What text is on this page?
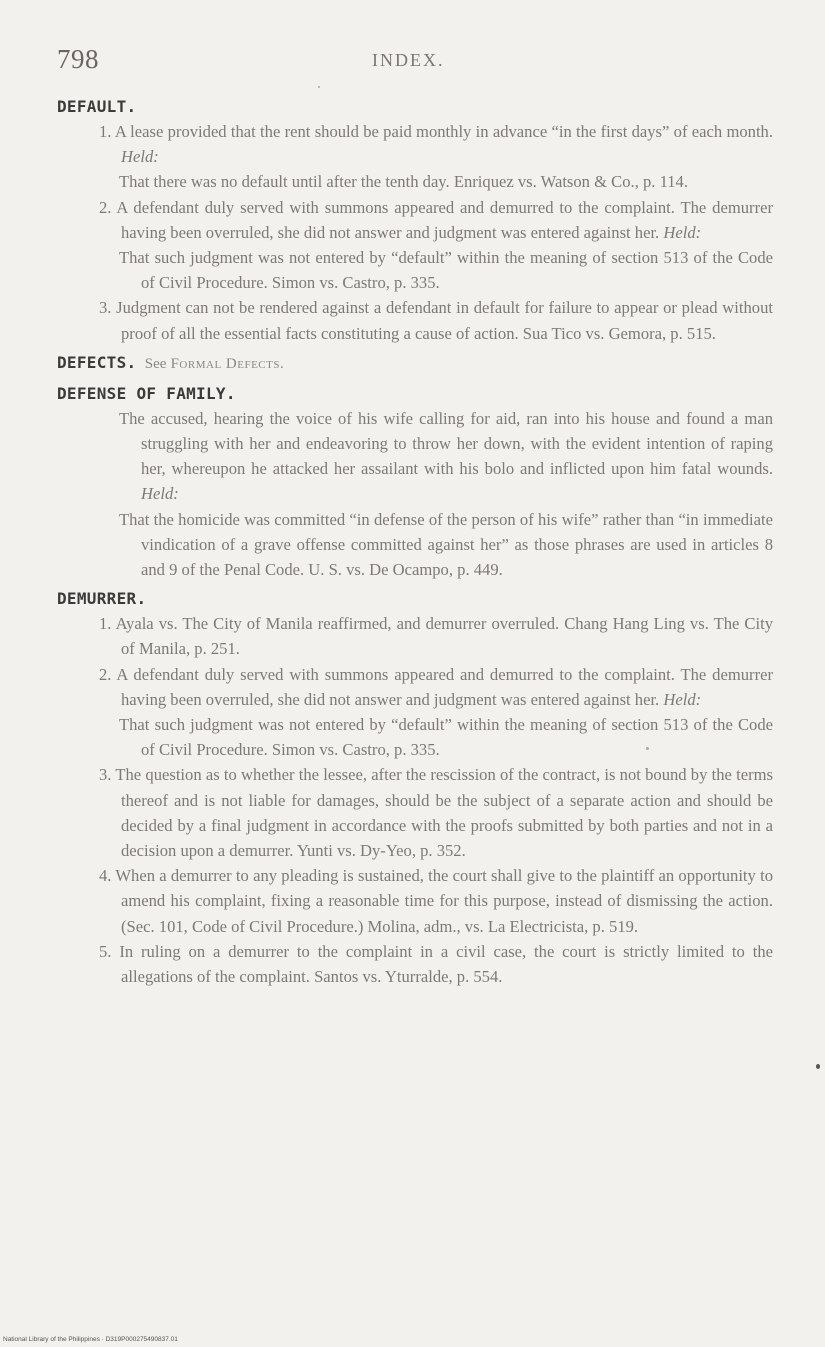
798	INDEX.

DEFAULT.

1. A lease provided that the rent should be paid monthly in advance “in the first days” of each month. Held:

That there was no default until after the tenth day. Enriquez vs. Watson & Co., p. 114.

2. A defendant duly served with summons appeared and demurred to the complaint. The demurrer having been overruled, she did not answer and judgment was entered against her. Held:

That such judgment was not entered by “default” within the meaning of section 513 of the Code of Civil Procedure. Simon vs. Castro, p. 335.

3. Judgment can not be rendered against a defendant in default for failure to appear or plead without proof of all the essential facts constituting a cause of action. Sua Tico vs. Gemora, p. 515.

DEFECTS. See Formal Defects.

DEFENSE OF FAMILY.

The accused, hearing the voice of his wife calling for aid, ran into his house and found a man struggling with her and endeavoring to throw her down, with the evident intention of raping her, whereupon he attacked her assailant with his bolo and inflicted upon him fatal wounds. Held:

That the homicide was committed “in defense of the person of his wife” rather than “in immediate vindication of a grave offense committed against her” as those phrases are used in articles 8 and 9 of the Penal Code. U. S. vs. De Ocampo, p. 449.

DEMURRER.

1. Ayala vs. The City of Manila reaffirmed, and demurrer overruled. Chang Hang Ling vs. The City of Manila, p. 251.

2. A defendant duly served with summons appeared and demurred to the complaint. The demurrer having been overruled, she did not answer and judgment was entered against her. Held:

That such judgment was not entered by “default” within the meaning of section 513 of the Code of Civil Procedure. Simon vs. Castro, p. 335.

3. The question as to whether the lessee, after the rescission of the contract, is not bound by the terms thereof and is not liable for damages, should be the subject of a separate action and should be decided by a final judgment in accordance with the proofs submitted by both parties and not in a decision upon a demurrer. Yunti vs. Dy-Yeo, p. 352.

4. When a demurrer to any pleading is sustained, the court shall give to the plaintiff an opportunity to amend his complaint, fixing a reasonable time for this purpose, instead of dismissing the action. (Sec. 101, Code of Civil Procedure.) Molina, adm., vs. La Electricista, p. 519.

5. In ruling on a demurrer to the complaint in a civil case, the court is strictly limited to the allegations of the complaint. Santos vs. Yturralde, p. 554.

National Library of the Philippines · D319P000275490837.01
